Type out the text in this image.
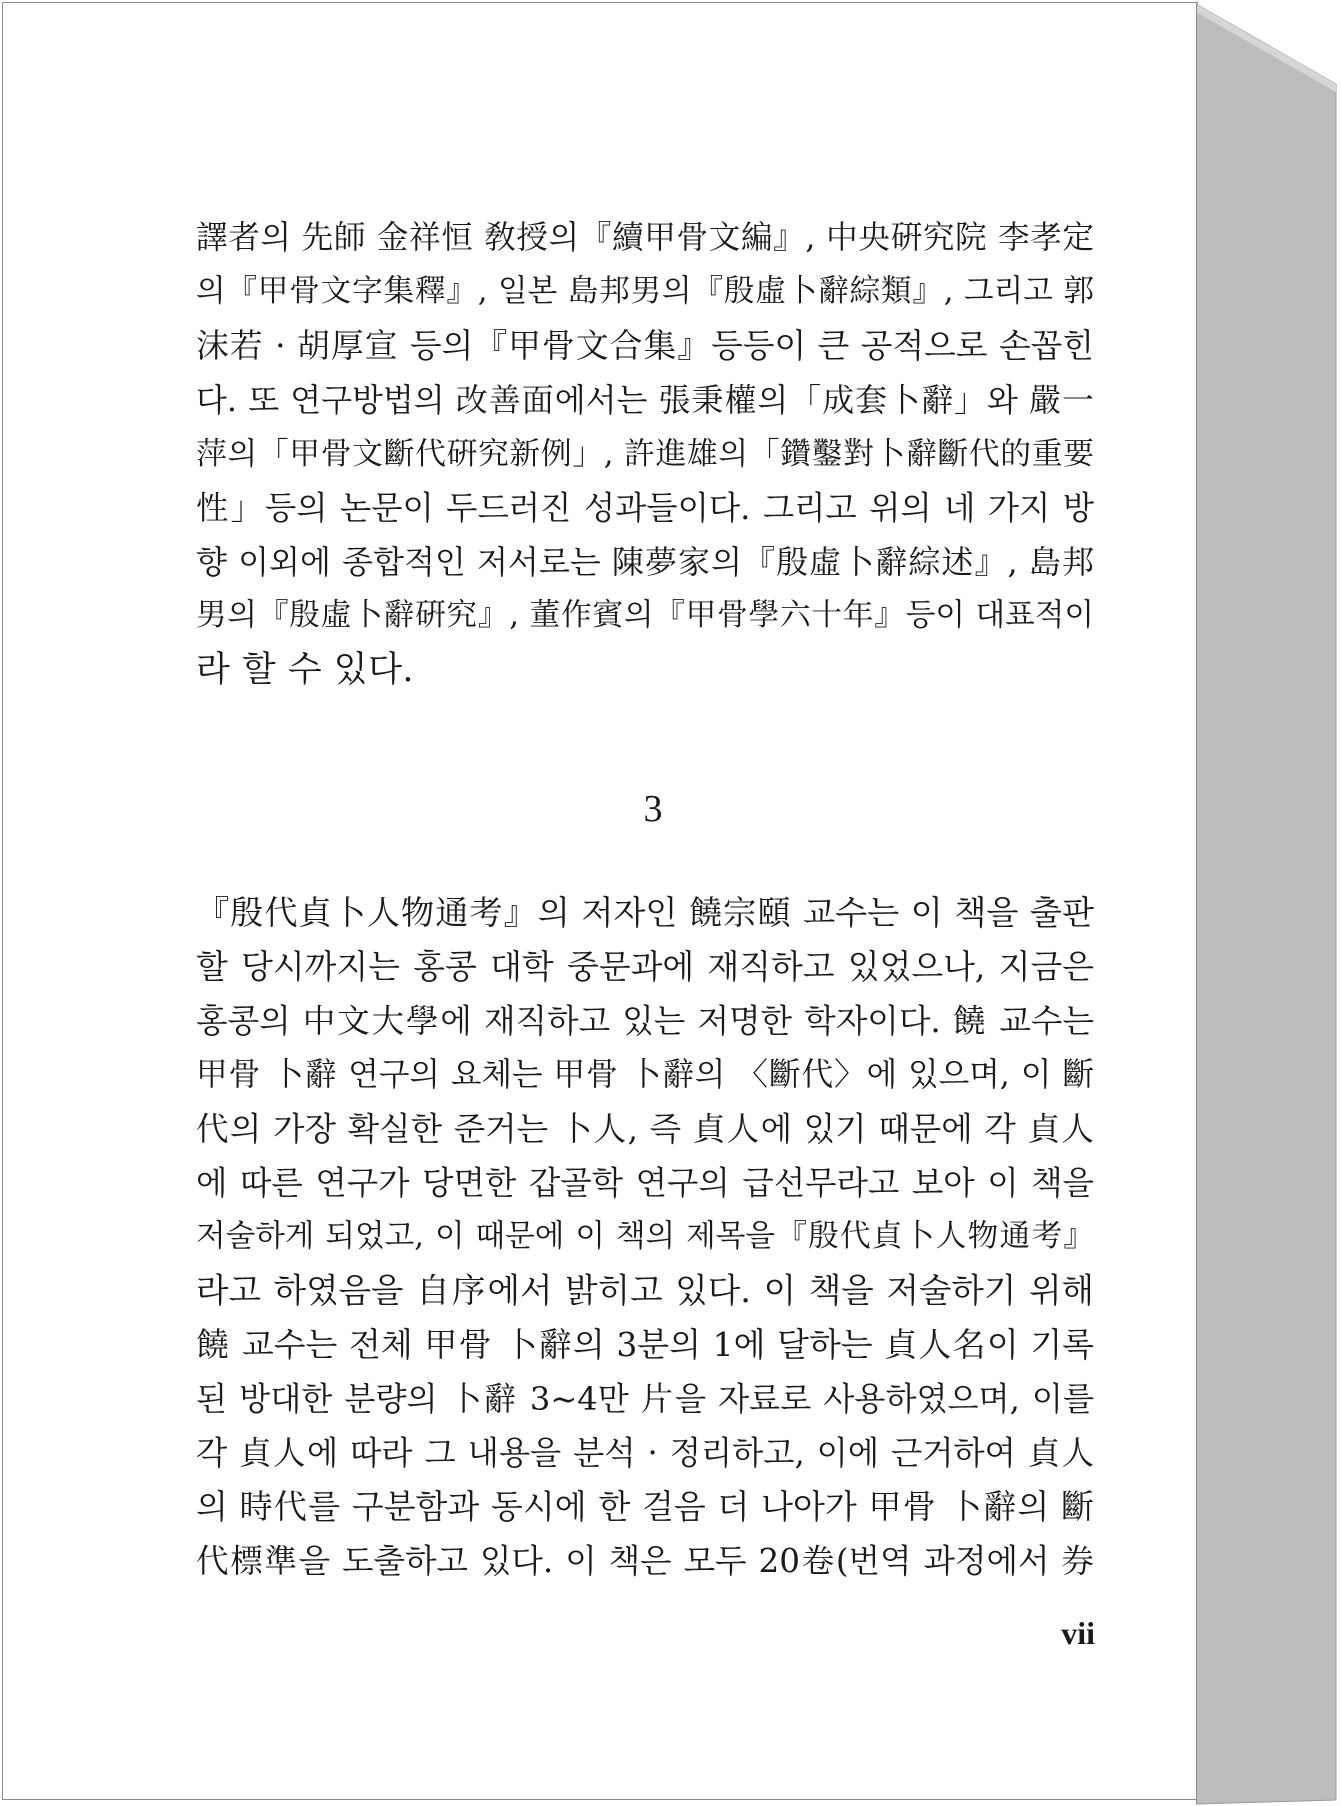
譯者의 先師 金祥恒 敎授의『續甲骨文編』, 中央硏究院 李孝定
의『甲骨文字集釋』, 일본 島邦男의『殷虛卜辭綜類』, 그리고 郭
沫若 · 胡厚宣 등의『甲骨文合集』등등이 큰 공적으로 손꼽힌
다. 또 연구방법의 改善面에서는 張秉權의「成套卜辭」와 嚴一
萍의「甲骨文斷代硏究新例」, 許進雄의「鑽鑿對卜辭斷代的重要
性」등의 논문이 두드러진 성과들이다. 그리고 위의 네 가지 방
향 이외에 종합적인 저서로는 陳夢家의『殷虛卜辭綜述』, 島邦
男의『殷虛卜辭硏究』, 董作賓의『甲骨學六十年』등이 대표적이
라 할 수 있다.
3
『殷代貞卜人物通考』의 저자인 饒宗頤 교수는 이 책을 출판
할 당시까지는 홍콩 대학 중문과에 재직하고 있었으나, 지금은
홍콩의 中文大學에 재직하고 있는 저명한 학자이다. 饒 교수는
甲骨 卜辭 연구의 요체는 甲骨 卜辭의 〈斷代〉에 있으며, 이 斷
代의 가장 확실한 준거는 卜人, 즉 貞人에 있기 때문에 각 貞人
에 따른 연구가 당면한 갑골학 연구의 급선무라고 보아 이 책을
저술하게 되었고, 이 때문에 이 책의 제목을『殷代貞卜人物通考』
라고 하였음을 自序에서 밝히고 있다. 이 책을 저술하기 위해
饒 교수는 전체 甲骨 卜辭의 3분의 1에 달하는 貞人名이 기록
된 방대한 분량의 卜辭 3~4만 片을 자료로 사용하였으며, 이를
각 貞人에 따라 그 내용을 분석 · 정리하고, 이에 근거하여 貞人
의 時代를 구분함과 동시에 한 걸음 더 나아가 甲骨 卜辭의 斷
代標準을 도출하고 있다. 이 책은 모두 20卷(번역 과정에서 券
vii
